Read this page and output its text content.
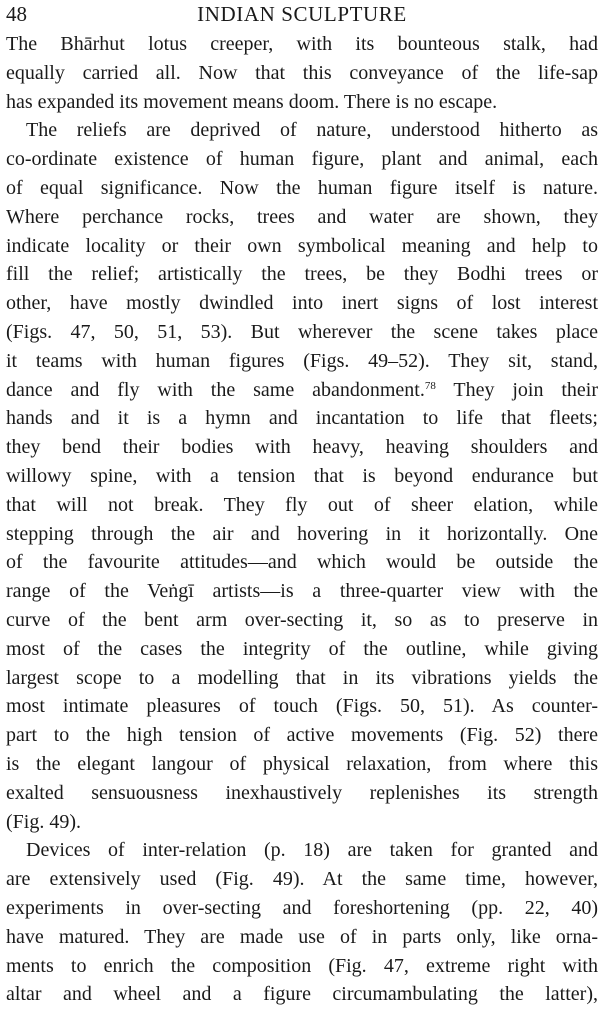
48	INDIAN SCULPTURE

The Bhārhut lotus creeper, with its bounteous stalk, had
equally carried all. Now that this conveyance of the life-sap
has expanded its movement means doom. There is no escape.

The reliefs are deprived of nature, understood hitherto as
co-ordinate existence of human figure, plant and animal, each
of equal significance. Now the human figure itself is nature.
Where perchance rocks, trees and water are shown, they
indicate locality or their own symbolical meaning and help to
fill the relief; artistically the trees, be they Bodhi trees or
other, have mostly dwindled into inert signs of lost interest
(Figs. 47, 50, 51, 53). But wherever the scene takes place
it teams with human figures (Figs. 49–52). They sit, stand,
dance and fly with the same abandonment.$^{78}$ They join their
hands and it is a hymn and incantation to life that fleets;
they bend their bodies with heavy, heaving shoulders and
willowy spine, with a tension that is beyond endurance but
that will not break. They fly out of sheer elation, while
stepping through the air and hovering in it horizontally. One
of the favourite attitudes—and which would be outside the
range of the Veṅgī artists—is a three-quarter view with the
curve of the bent arm over-secting it, so as to preserve in
most of the cases the integrity of the outline, while giving
largest scope to a modelling that in its vibrations yields the
most intimate pleasures of touch (Figs. 50, 51). As counter-
part to the high tension of active movements (Fig. 52) there
is the elegant langour of physical relaxation, from where this
exalted sensuousness inexhaustively replenishes its strength
(Fig. 49).

Devices of inter-relation (p. 18) are taken for granted and
are extensively used (Fig. 49). At the same time, however,
experiments in over-secting and foreshortening (pp. 22, 40)
have matured. They are made use of in parts only, like orna-
ments to enrich the composition (Fig. 47, extreme right with
altar and wheel and a figure circumambulating the latter),
